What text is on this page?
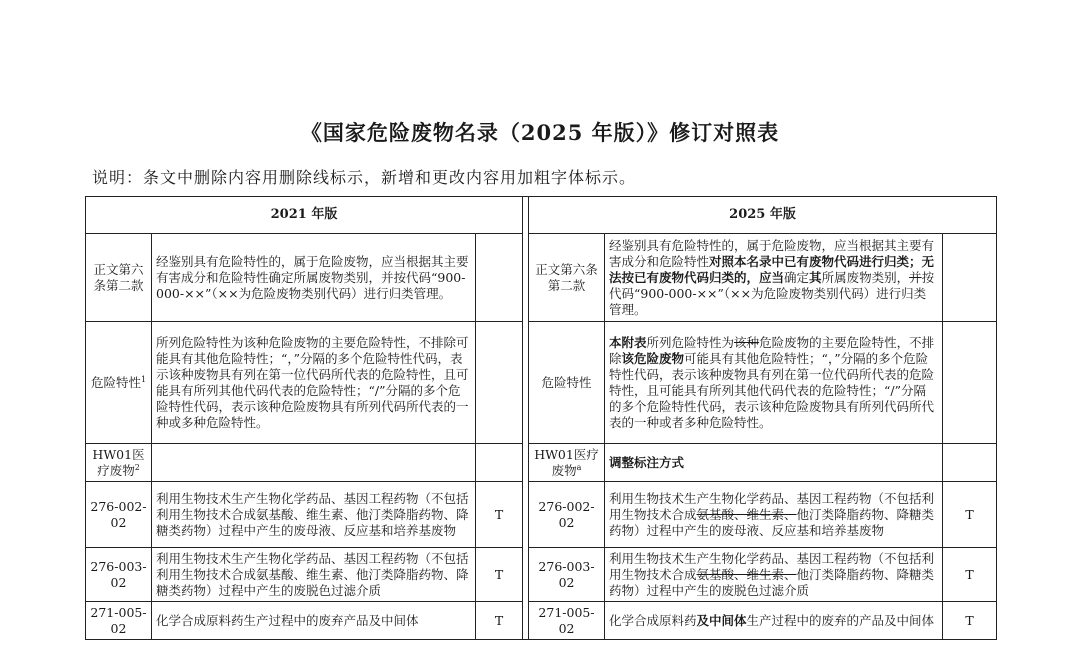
《国家危险废物名录（2025 年版）》修订对照表
说明：条文中删除内容用删除线标示，新增和更改内容用加粗字体标示。
2021 年版				2025 年版		
正文第六条第二款	经鉴别具有危险特性的，属于危险废物，应当根据其主要有害成分和危险特性确定所属废物类别，并按代码“900-000-××”（××为危险废物类别代码）进行归类管理。			正文第六条第二款	经鉴别具有危险特性的，属于危险废物，应当根据其主要有害成分和危险特性对照本名录中已有废物代码进行归类；无法按已有废物代码归类的，应当确定其所属废物类别，并按代码“900-000-××”（××为危险废物类别代码）进行归类管理。	
危险特性$^1$	所列危险特性为该种危险废物的主要危险特性，不排除可能具有其他危险特性；“，”分隔的多个危险特性代码，表示该种废物具有列在第一位代码所代表的危险特性，且可能具有所列其他代码代表的危险特性；“/”分隔的多个危险特性代码，表示该种危险废物具有所列代码所代表的一种或多种危险特性。			危险特性	本附表所列危险特性为该种危险废物的主要危险特性，不排除该危险废物可能具有其他危险特性；“，”分隔的多个危险特性代码，表示该种废物具有列在第一位代码所代表的危险特性，且可能具有所列其他代码代表的危险特性；“/”分隔的多个危险特性代码，表示该种危险废物具有所列代码所代表的一种或者多种危险特性。	
HW01医疗废物$^2$				HW01医疗废物$^a$	调整标注方式	
276-002-02	利用生物技术生产生物化学药品、基因工程药物（不包括利用生物技术合成氨基酸、维生素、他汀类降脂药物、降糖类药物）过程中产生的废母液、反应基和培养基废物	T		276-002-02	利用生物技术生产生物化学药品、基因工程药物（不包括利用生物技术合成氨基酸、维生素、他汀类降脂药物、降糖类药物）过程中产生的废母液、反应基和培养基废物	T
276-003-02	利用生物技术生产生物化学药品、基因工程药物（不包括利用生物技术合成氨基酸、维生素、他汀类降脂药物、降糖类药物）过程中产生的废脱色过滤介质	T		276-003-02	利用生物技术生产生物化学药品、基因工程药物（不包括利用生物技术合成氨基酸、维生素、他汀类降脂药物、降糖类药物）过程中产生的废脱色过滤介质	T
271-005-02	化学合成原料药生产过程中的废弃产品及中间体	T		271-005-02	化学合成原料药及中间体生产过程中的废弃的产品及中间体	T
